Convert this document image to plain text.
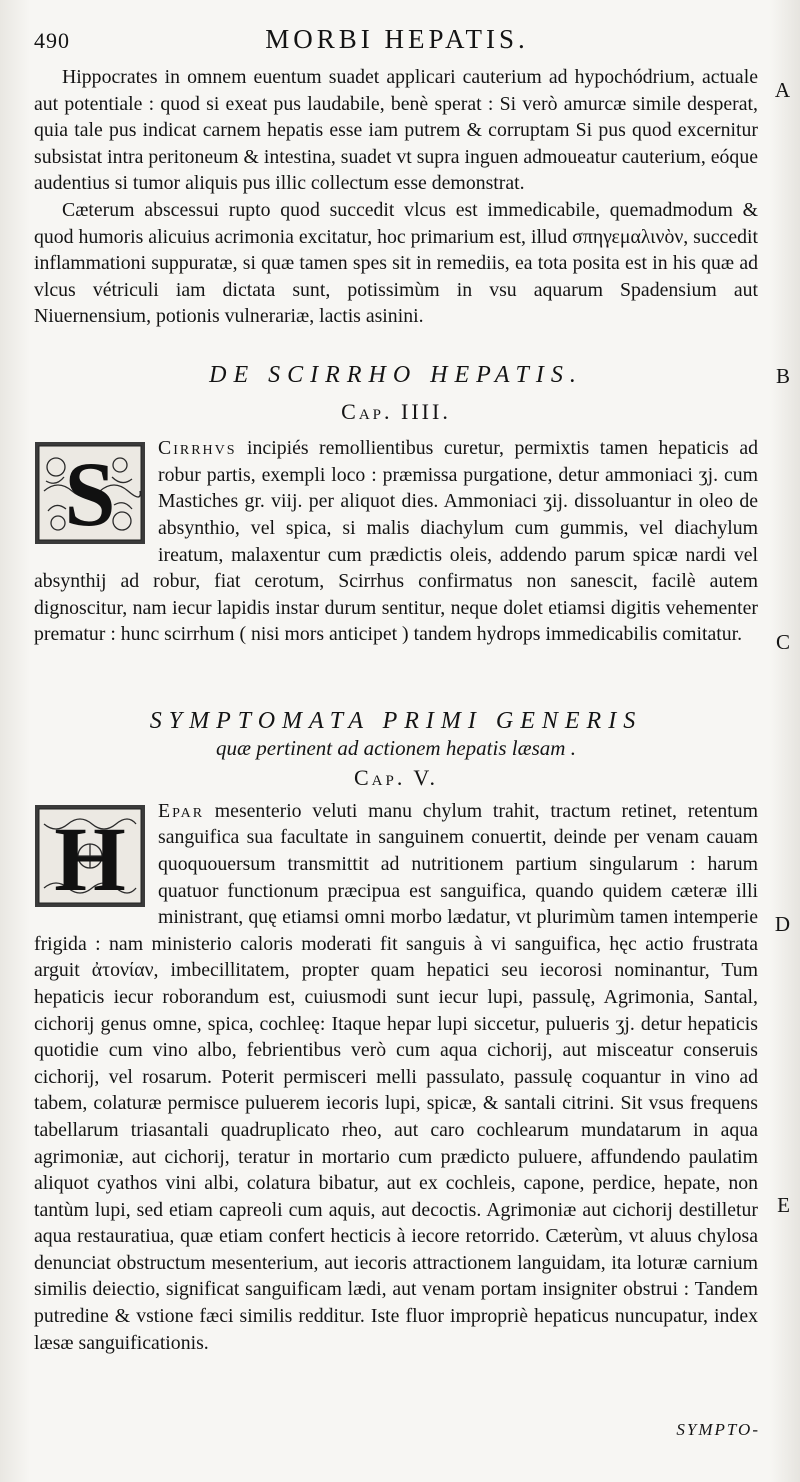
490	MORBI HEPATIS.
A
B
C
D
E

Hippocrates in omnem euentum suadet applicari cauterium ad hypochódrium, actuale aut potentiale : quod si exeat pus laudabile, benè sperat : Si verò amurcæ simile desperat, quia tale pus indicat carnem hepatis esse iam putrem & corruptam Si pus quod excernitur subsistat intra peritoneum & intestina, suadet vt supra inguen admoueatur cauterium, eóque audentius si tumor aliquis pus illic collectum esse demonstrat.

Cæterum abscessui rupto quod succedit vlcus est immedicabile, quemadmodum & quod humoris alicuius acrimonia excitatur, hoc primarium est, illud σπηγεμαλινὸν, succedit inflammationi suppuratæ, si quæ tamen spes sit in remediis, ea tota posita est in his quæ ad vlcus vétriculi iam dictata sunt, potissimùm in vsu aquarum Spadensium aut Niuernensium, potionis vulnerariæ, lactis asinini.

DE SCIRRHO HEPATIS.

Cap. IIII.

S	Cirrhvs incipiés remollientibus curetur, permixtis tamen hepaticis ad robur partis, exempli loco : præmissa purgatione, detur ammoniaci ʒj. cum Mastiches gr. viij. per aliquot dies. Ammoniaci ʒij. dissoluantur in oleo de absynthio, vel spica, si malis diachylum cum gummis, vel diachylum ireatum, malaxentur cum prædictis oleis, addendo parum spicæ nardi vel absynthij ad robur, fiat cerotum, Scirrhus confirmatus non sanescit, facilè autem dignoscitur, nam iecur lapidis instar durum sentitur, neque dolet etiamsi digitis vehementer prematur : hunc scirrhum ( nisi mors anticipet ) tandem hydrops immedicabilis comitatur.

SYMPTOMATA PRIMI GENERIS

quæ pertinent ad actionem hepatis læsam .

Cap. V.

H	Epar mesenterio veluti manu chylum trahit, tractum retinet, retentum sanguifica sua facultate in sanguinem conuertit, deinde per venam cauam quoquouersum transmittit ad nutritionem partium singularum : harum quatuor functionum præcipua est sanguifica, quando quidem cæteræ illi ministrant, quę etiamsi omni morbo lædatur, vt plurimùm tamen intemperie frigida : nam ministerio caloris moderati fit sanguis à vi sanguifica, hęc actio frustrata arguit ἀτονίαν, imbecillitatem, propter quam hepatici seu iecorosi nominantur, Tum hepaticis iecur roborandum est, cuiusmodi sunt iecur lupi, passulę, Agrimonia, Santal, cichorij genus omne, spica, cochleę: Itaque hepar lupi siccetur, pulueris ʒj. detur hepaticis quotidie cum vino albo, febrientibus verò cum aqua cichorij, aut misceatur conseruis cichorij, vel rosarum. Poterit permisceri melli passulato, passulę coquantur in vino ad tabem, colaturæ permisce puluerem iecoris lupi, spicæ, & santali citrini. Sit vsus frequens tabellarum triasantali quadruplicato rheo, aut caro cochlearum mundatarum in aqua agrimoniæ, aut cichorij, teratur in mortario cum prædicto puluere, affundendo paulatim aliquot cyathos vini albi, colatura bibatur, aut ex cochleis, capone, perdice, hepate, non tantùm lupi, sed etiam capreoli cum aquis, aut decoctis. Agrimoniæ aut cichorij destilletur aqua restauratiua, quæ etiam confert hecticis à iecore retorrido. Cæterùm, vt aluus chylosa denunciat obstructum mesenterium, aut iecoris attractionem languidam, ita loturæ carnium similis deiectio, significat sanguificam lædi, aut venam portam insigniter obstrui : Tandem putredine & vstione fæci similis redditur. Iste fluor impropriè hepaticus nuncupatur, index læsæ sanguificationis.

SYMPTO-
